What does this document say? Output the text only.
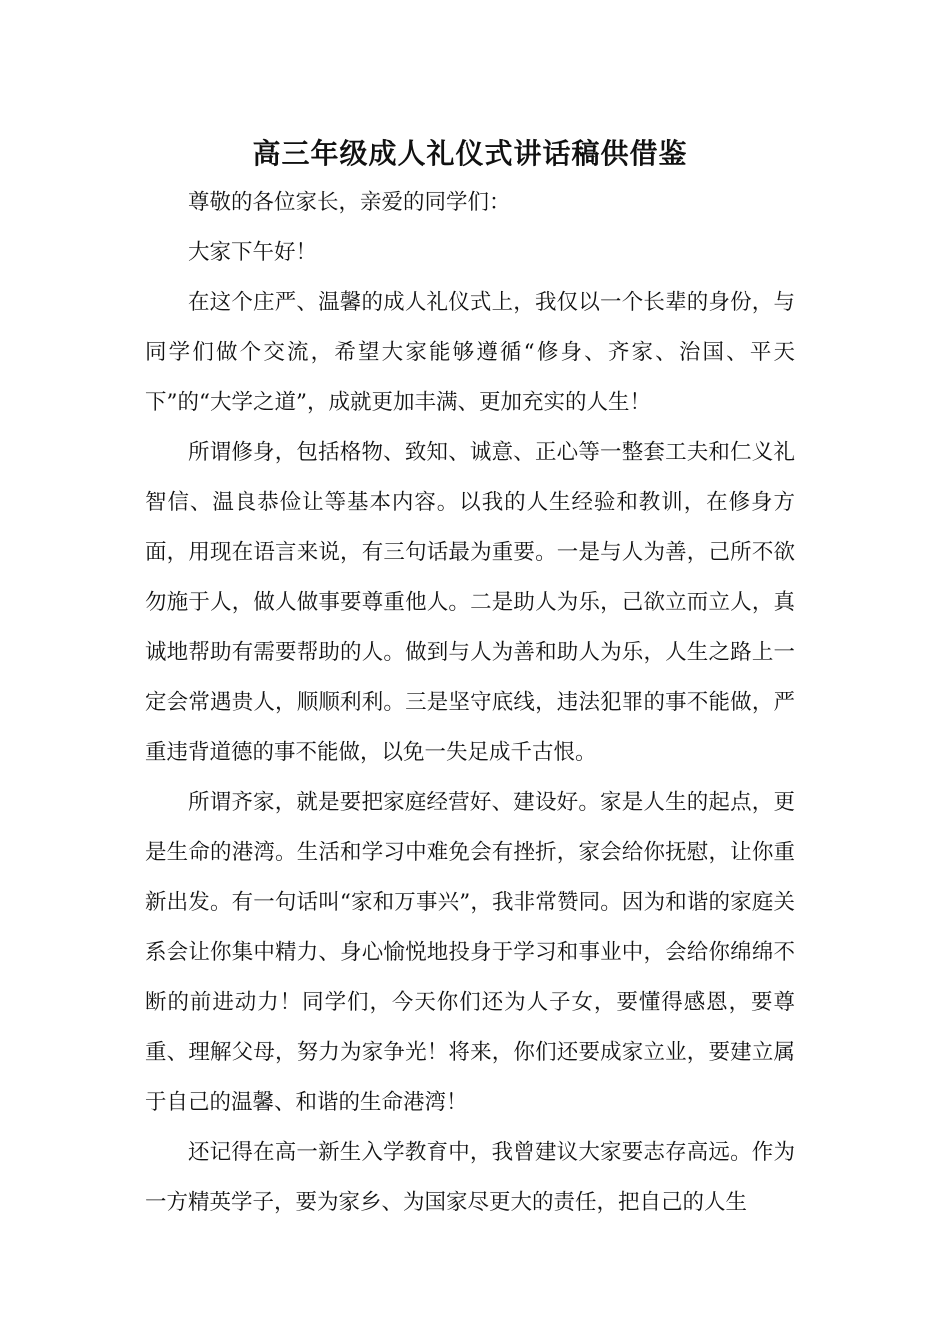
高三年级成人礼仪式讲话稿供借鉴

尊敬的各位家长，亲爱的同学们：

大家下午好！

在这个庄严、温馨的成人礼仪式上，我仅以一个长辈的身份，与同学们做个交流，希望大家能够遵循“修身、齐家、治国、平天下”的“大学之道”，成就更加丰满、更加充实的人生！

所谓修身，包括格物、致知、诚意、正心等一整套工夫和仁义礼智信、温良恭俭让等基本内容。以我的人生经验和教训，在修身方面，用现在语言来说，有三句话最为重要。一是与人为善，己所不欲勿施于人，做人做事要尊重他人。二是助人为乐，己欲立而立人，真诚地帮助有需要帮助的人。做到与人为善和助人为乐，人生之路上一定会常遇贵人，顺顺利利。三是坚守底线，违法犯罪的事不能做，严重违背道德的事不能做，以免一失足成千古恨。

所谓齐家，就是要把家庭经营好、建设好。家是人生的起点，更是生命的港湾。生活和学习中难免会有挫折，家会给你抚慰，让你重新出发。有一句话叫“家和万事兴”，我非常赞同。因为和谐的家庭关系会让你集中精力、身心愉悦地投身于学习和事业中，会给你绵绵不断的前进动力！同学们，今天你们还为人子女，要懂得感恩，要尊重、理解父母，努力为家争光！将来，你们还要成家立业，要建立属于自己的温馨、和谐的生命港湾！

还记得在高一新生入学教育中，我曾建议大家要志存高远。作为一方精英学子，要为家乡、为国家尽更大的责任，把自己的人生
